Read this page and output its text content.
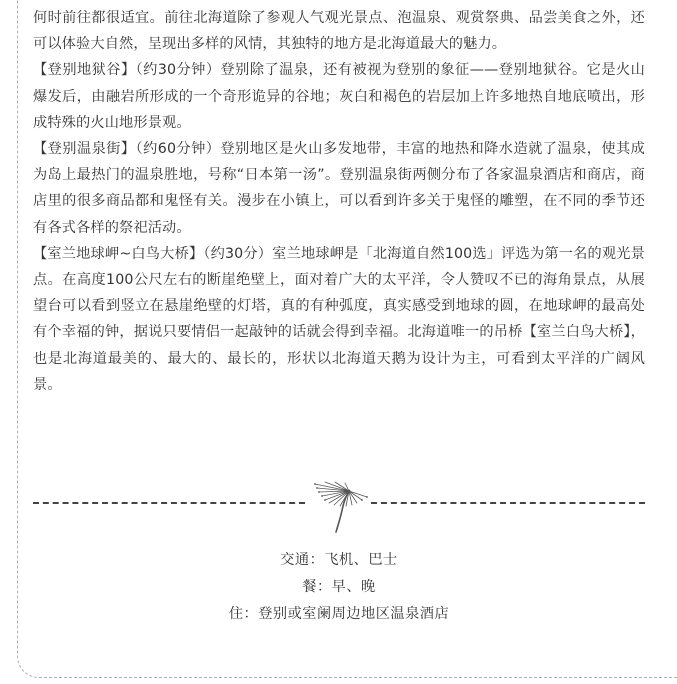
何时前往都很适宜。前往北海道除了参观人气观光景点、泡温泉、观赏祭典、品尝美食之外，还可以体验大自然，呈现出多样的风情，其独特的地方是北海道最大的魅力。

【登别地狱谷】（约30分钟）登别除了温泉，还有被视为登别的象征——登别地狱谷。它是火山爆发后，由融岩所形成的一个奇形诡异的谷地；灰白和褐色的岩层加上许多地热自地底喷出，形成特殊的火山地形景观。

【登别温泉街】（约60分钟）登别地区是火山多发地带，丰富的地热和降水造就了温泉，使其成为岛上最热门的温泉胜地，号称“日本第一汤”。登别温泉街两侧分布了各家温泉酒店和商店，商店里的很多商品都和鬼怪有关。漫步在小镇上，可以看到许多关于鬼怪的雕塑，在不同的季节还有各式各样的祭祀活动。

【室兰地球岬~白鸟大桥】（约30分）室兰地球岬是「北海道自然100选」评选为第一名的观光景点。在高度100公尺左右的断崖绝壁上，面对着广大的太平洋，令人赞叹不已的海角景点，从展望台可以看到竖立在悬崖绝壁的灯塔，真的有种弧度，真实感受到地球的圆，在地球岬的最高处有个幸福的钟，据说只要情侣一起敲钟的话就会得到幸福。北海道唯一的吊桥【室兰白鸟大桥】，也是北海道最美的、最大的、最长的，形状以北海道天鹅为设计为主，可看到太平洋的广阔风景。

交通：飞机、巴士
餐：早、晚
住：登别或室阑周边地区温泉酒店
